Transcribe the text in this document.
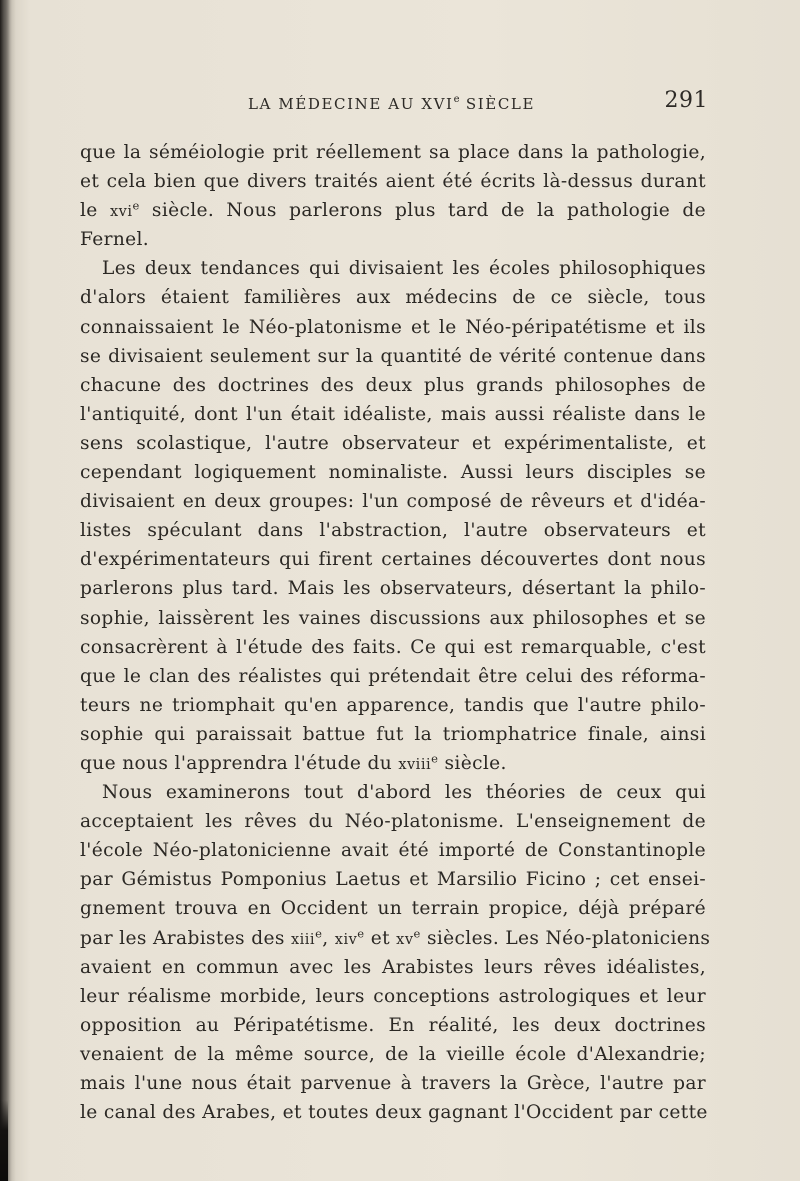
LA MÉDECINE AU XVIe SIÈCLE	291
que la séméiologie prit réellement sa place dans la pathologie,
et cela bien que divers traités aient été écrits là-dessus durant
le xvi$^e$ siècle. Nous parlerons plus tard de la pathologie de
Fernel.
Les deux tendances qui divisaient les écoles philosophiques
d'alors étaient familières aux médecins de ce siècle, tous
connaissaient le Néo-platonisme et le Néo-péripatétisme et ils
se divisaient seulement sur la quantité de vérité contenue dans
chacune des doctrines des deux plus grands philosophes de
l'antiquité, dont l'un était idéaliste, mais aussi réaliste dans le
sens scolastique, l'autre observateur et expérimentaliste, et
cependant logiquement nominaliste. Aussi leurs disciples se
divisaient en deux groupes: l'un composé de rêveurs et d'idéa-
listes spéculant dans l'abstraction, l'autre observateurs et
d'expérimentateurs qui firent certaines découvertes dont nous
parlerons plus tard. Mais les observateurs, désertant la philo-
sophie, laissèrent les vaines discussions aux philosophes et se
consacrèrent à l'étude des faits. Ce qui est remarquable, c'est
que le clan des réalistes qui prétendait être celui des réforma-
teurs ne triomphait qu'en apparence, tandis que l'autre philo-
sophie qui paraissait battue fut la triomphatrice finale, ainsi
que nous l'apprendra l'étude du xviii$^e$ siècle.
Nous examinerons tout d'abord les théories de ceux qui
acceptaient les rêves du Néo-platonisme. L'enseignement de
l'école Néo-platonicienne avait été importé de Constantinople
par Gémistus Pomponius Laetus et Marsilio Ficino ; cet ensei-
gnement trouva en Occident un terrain propice, déjà préparé
par les Arabistes des xiii$^e$, xiv$^e$ et $xv^e$ siècles. Les Néo-platoniciens
avaient en commun avec les Arabistes leurs rêves idéalistes,
leur réalisme morbide, leurs conceptions astrologiques et leur
opposition au Péripatétisme. En réalité, les deux doctrines
venaient de la même source, de la vieille école d'Alexandrie;
mais l'une nous était parvenue à travers la Grèce, l'autre par
le canal des Arabes, et toutes deux gagnant l'Occident par cette
